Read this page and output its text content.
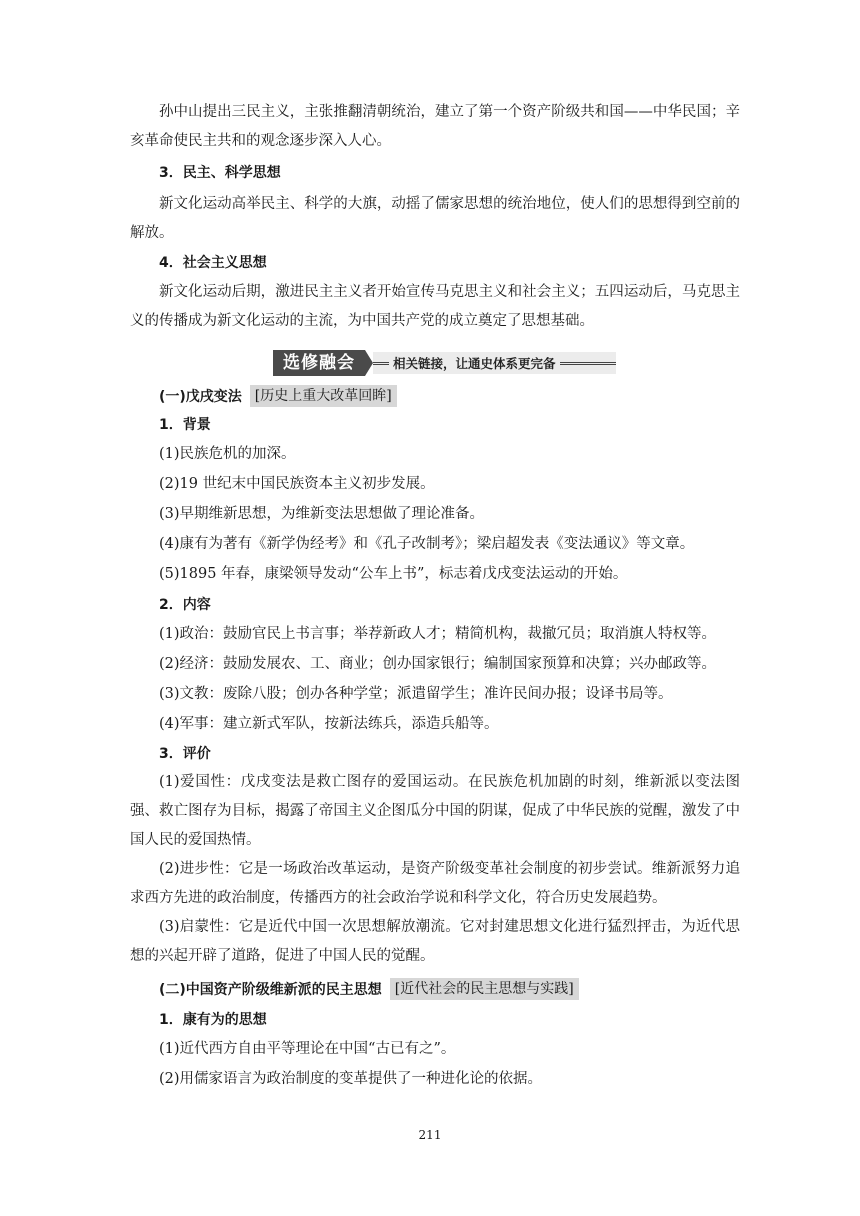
孙中山提出三民主义，主张推翻清朝统治，建立了第一个资产阶级共和国——中华民国；辛亥革命使民主共和的观念逐步深入人心。
3．民主、科学思想
新文化运动高举民主、科学的大旗，动摇了儒家思想的统治地位，使人们的思想得到空前的解放。
4．社会主义思想
新文化运动后期，激进民主主义者开始宣传马克思主义和社会主义；五四运动后，马克思主义的传播成为新文化运动的主流，为中国共产党的成立奠定了思想基础。
选修融会	相关链接，让通史体系更完备
(一)戊戌变法 [历史上重大改革回眸]
1．背景
(1)民族危机的加深。
(2)19 世纪末中国民族资本主义初步发展。
(3)早期维新思想，为维新变法思想做了理论准备。
(4)康有为著有《新学伪经考》和《孔子改制考》；梁启超发表《变法通议》等文章。
(5)1895 年春，康梁领导发动“公车上书”，标志着戊戌变法运动的开始。
2．内容
(1)政治：鼓励官民上书言事；举荐新政人才；精简机构，裁撤冗员；取消旗人特权等。
(2)经济：鼓励发展农、工、商业；创办国家银行；编制国家预算和决算；兴办邮政等。
(3)文教：废除八股；创办各种学堂；派遣留学生；准许民间办报；设译书局等。
(4)军事：建立新式军队，按新法练兵，添造兵船等。
3．评价
(1)爱国性：戊戌变法是救亡图存的爱国运动。在民族危机加剧的时刻，维新派以变法图强、救亡图存为目标，揭露了帝国主义企图瓜分中国的阴谋，促成了中华民族的觉醒，激发了中国人民的爱国热情。
(2)进步性：它是一场政治改革运动，是资产阶级变革社会制度的初步尝试。维新派努力追求西方先进的政治制度，传播西方的社会政治学说和科学文化，符合历史发展趋势。
(3)启蒙性：它是近代中国一次思想解放潮流。它对封建思想文化进行猛烈抨击，为近代思想的兴起开辟了道路，促进了中国人民的觉醒。
(二)中国资产阶级维新派的民主思想 [近代社会的民主思想与实践]
1．康有为的思想
(1)近代西方自由平等理论在中国“古已有之”。
(2)用儒家语言为政治制度的变革提供了一种进化论的依据。
211
